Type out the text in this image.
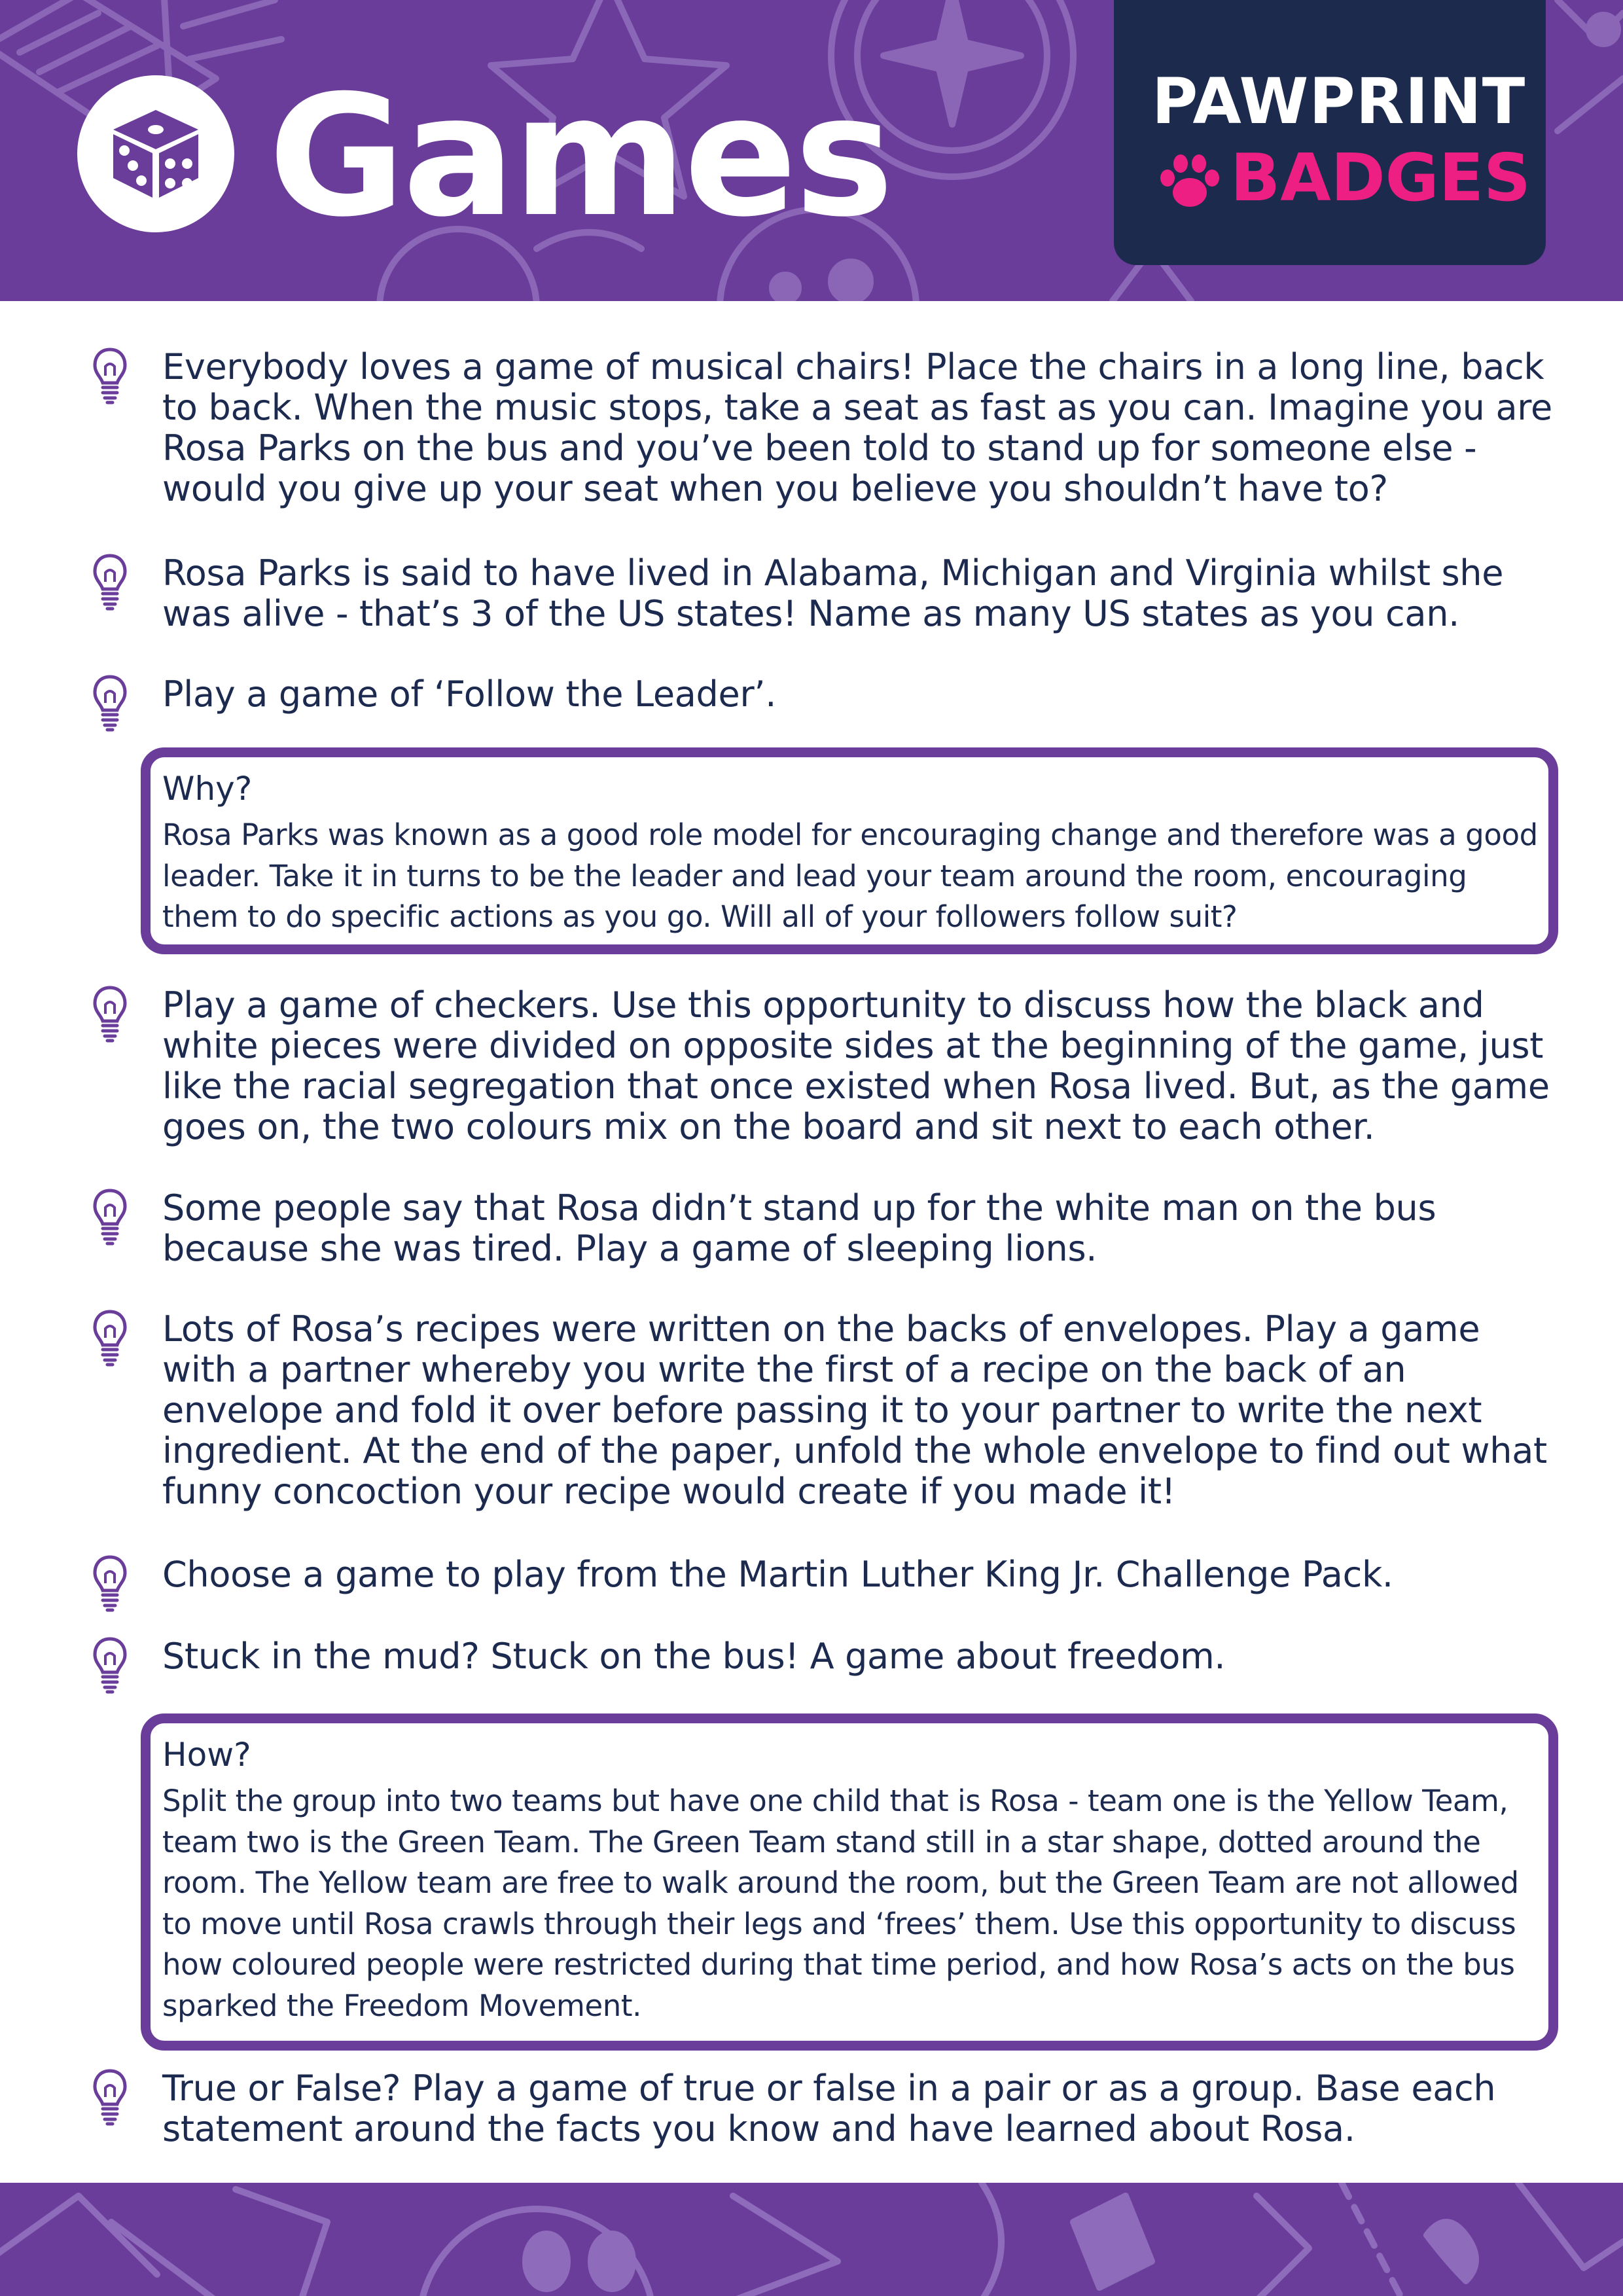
Games	PAWPRINT
BADGES
Everybody loves a game of musical chairs! Place the chairs in a long line, back to back. When the music stops, take a seat as fast as you can. Imagine you are Rosa Parks on the bus and you’ve been told to stand up for someone else - would you give up your seat when you believe you shouldn’t have to?
Rosa Parks is said to have lived in Alabama, Michigan and Virginia whilst she was alive - that’s 3 of the US states! Name as many US states as you can.
Play a game of ‘Follow the Leader’.
Why?
Rosa Parks was known as a good role model for encouraging change and therefore was a good leader. Take it in turns to be the leader and lead your team around the room, encouraging them to do specific actions as you go. Will all of your followers follow suit?
Play a game of checkers. Use this opportunity to discuss how the black and white pieces were divided on opposite sides at the beginning of the game, just like the racial segregation that once existed when Rosa lived. But, as the game goes on, the two colours mix on the board and sit next to each other.
Some people say that Rosa didn’t stand up for the white man on the bus because she was tired. Play a game of sleeping lions.
Lots of Rosa’s recipes were written on the backs of envelopes. Play a game with a partner whereby you write the first of a recipe on the back of an envelope and fold it over before passing it to your partner to write the next ingredient. At the end of the paper, unfold the whole envelope to find out what funny concoction your recipe would create if you made it!
Choose a game to play from the Martin Luther King Jr. Challenge Pack.
Stuck in the mud? Stuck on the bus! A game about freedom.
How?
Split the group into two teams but have one child that is Rosa - team one is the Yellow Team, team two is the Green Team. The Green Team stand still in a star shape, dotted around the room. The Yellow team are free to walk around the room, but the Green Team are not allowed to move until Rosa crawls through their legs and ‘frees’ them. Use this opportunity to discuss how coloured people were restricted during that time period, and how Rosa’s acts on the bus sparked the Freedom Movement.
True or False? Play a game of true or false in a pair or as a group. Base each statement around the facts you know and have learned about Rosa.
